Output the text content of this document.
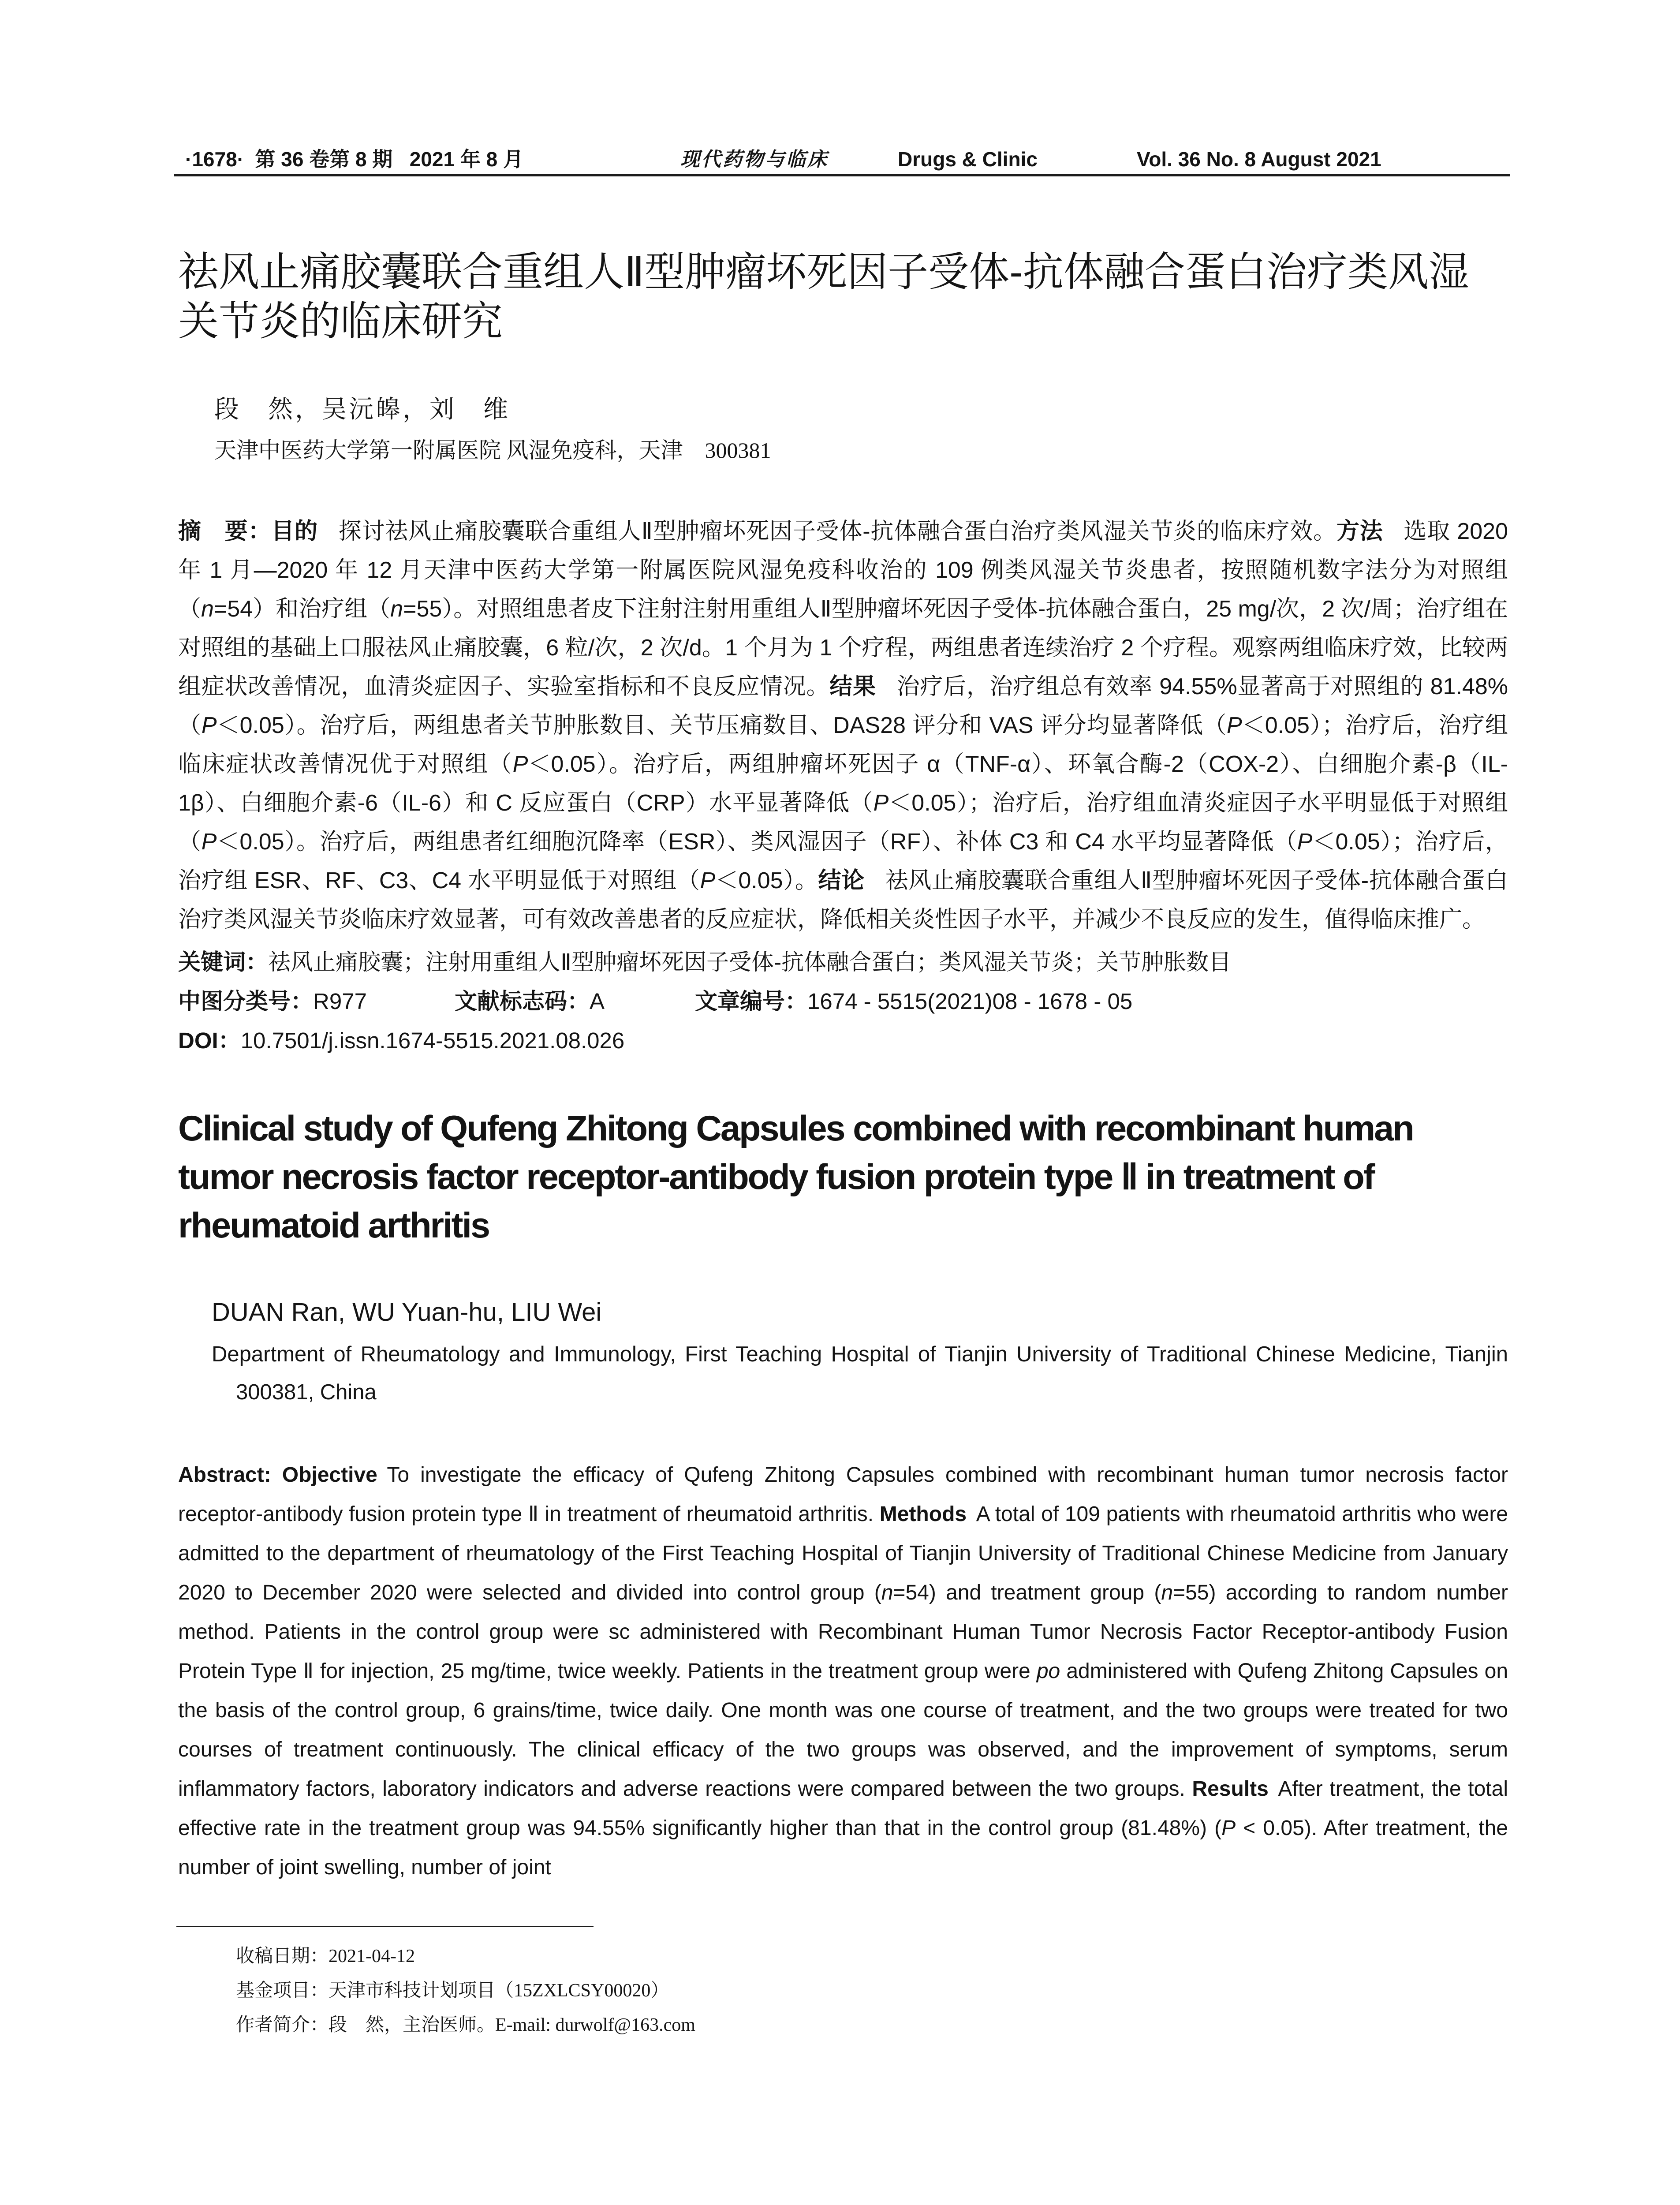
·1678·  第 36 卷第 8 期   2021 年 8 月	现代药物与临床	Drugs & Clinic	Vol. 36 No. 8 August 2021
祛风止痛胶囊联合重组人Ⅱ型肿瘤坏死因子受体-抗体融合蛋白治疗类风湿关节炎的临床研究
段　然，吴沅皞，刘　维
天津中医药大学第一附属医院 风湿免疫科，天津　300381
摘　要：目的 探讨祛风止痛胶囊联合重组人Ⅱ型肿瘤坏死因子受体-抗体融合蛋白治疗类风湿关节炎的临床疗效。方法 选取 2020 年 1 月—2020 年 12 月天津中医药大学第一附属医院风湿免疫科收治的 109 例类风湿关节炎患者，按照随机数字法分为对照组（n=54）和治疗组（n=55）。对照组患者皮下注射注射用重组人Ⅱ型肿瘤坏死因子受体-抗体融合蛋白，25 mg/次，2 次/周；治疗组在对照组的基础上口服祛风止痛胶囊，6 粒/次，2 次/d。1 个月为 1 个疗程，两组患者连续治疗 2 个疗程。观察两组临床疗效，比较两组症状改善情况，血清炎症因子、实验室指标和不良反应情况。结果 治疗后，治疗组总有效率 94.55%显著高于对照组的 81.48%（P＜0.05）。治疗后，两组患者关节肿胀数目、关节压痛数目、DAS28 评分和 VAS 评分均显著降低（P＜0.05）；治疗后，治疗组临床症状改善情况优于对照组（P＜0.05）。治疗后，两组肿瘤坏死因子 α（TNF-α）、环氧合酶-2（COX-2）、白细胞介素-β（IL-1β）、白细胞介素-6（IL-6）和 C 反应蛋白（CRP）水平显著降低（P＜0.05）；治疗后，治疗组血清炎症因子水平明显低于对照组（P＜0.05）。治疗后，两组患者红细胞沉降率（ESR）、类风湿因子（RF）、补体 C3 和 C4 水平均显著降低（P＜0.05）；治疗后，治疗组 ESR、RF、C3、C4 水平明显低于对照组（P＜0.05）。结论 祛风止痛胶囊联合重组人Ⅱ型肿瘤坏死因子受体-抗体融合蛋白治疗类风湿关节炎临床疗效显著，可有效改善患者的反应症状，降低相关炎性因子水平，并减少不良反应的发生，值得临床推广。
关键词：祛风止痛胶囊；注射用重组人Ⅱ型肿瘤坏死因子受体-抗体融合蛋白；类风湿关节炎；关节肿胀数目
中图分类号：R977	文献标志码：A	文章编号：1674 - 5515(2021)08 - 1678 - 05
DOI：10.7501/j.issn.1674-5515.2021.08.026
Clinical study of Qufeng Zhitong Capsules combined with recombinant human tumor necrosis factor receptor-antibody fusion protein type Ⅱ in treatment of rheumatoid arthritis
DUAN Ran, WU Yuan-hu, LIU Wei
Department of Rheumatology and Immunology, First Teaching Hospital of Tianjin University of Traditional Chinese Medicine, Tianjin 300381, China
Abstract: Objective To investigate the efficacy of Qufeng Zhitong Capsules combined with recombinant human tumor necrosis factor receptor-antibody fusion protein type Ⅱ in treatment of rheumatoid arthritis. Methods A total of 109 patients with rheumatoid arthritis who were admitted to the department of rheumatology of the First Teaching Hospital of Tianjin University of Traditional Chinese Medicine from January 2020 to December 2020 were selected and divided into control group (n=54) and treatment group (n=55) according to random number method. Patients in the control group were sc administered with Recombinant Human Tumor Necrosis Factor Receptor-antibody Fusion Protein Type Ⅱ for injection, 25 mg/time, twice weekly. Patients in the treatment group were po administered with Qufeng Zhitong Capsules on the basis of the control group, 6 grains/time, twice daily. One month was one course of treatment, and the two groups were treated for two courses of treatment continuously. The clinical efficacy of the two groups was observed, and the improvement of symptoms, serum inflammatory factors, laboratory indicators and adverse reactions were compared between the two groups. Results After treatment, the total effective rate in the treatment group was 94.55% significantly higher than that in the control group (81.48%) (P < 0.05). After treatment, the number of joint swelling, number of joint
收稿日期：2021-04-12
基金项目：天津市科技计划项目（15ZXLCSY00020）
作者简介：段　然，主治医师。E-mail: durwolf@163.com
